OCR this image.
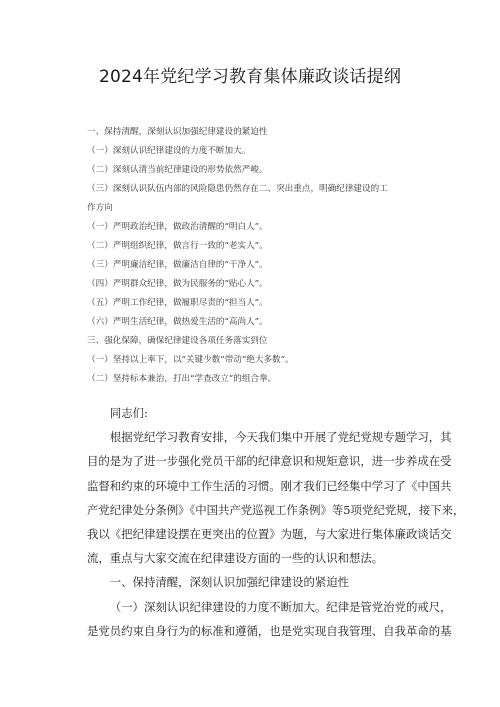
2024年党纪学习教育集体廉政谈话提纲
一、保持清醒，深刻认识加强纪律建设的紧迫性
（一）深刻认识纪律建设的力度不断加大。
（二）深刻认清当前纪律建设的形势依然严峻。
（三）深刻认识队伍内部的风险隐患仍然存在二、突出重点，明确纪律建设的工
作方向
（一）严明政治纪律，做政治清醒的“明白人”。
（二）严明组织纪律，做言行一致的“老实人”。
（三）严明廉洁纪律，做廉洁自律的“干净人”。
（四）严明群众纪律，做为民服务的“贴心人”。
（五）严明工作纪律，做履职尽责的“担当人”。
（六）严明生活纪律，做热爱生活的“高尚人”。
三、强化保障，确保纪律建设各项任务落实到位
（一）坚持以上率下，以“关键少数”带动“绝大多数”。
（二）坚持标本兼治，打出“学查改立”的组合拳。
同志们:
根据党纪学习教育安排，今天我们集中开展了党纪党规专题学习，其
目的是为了进一步强化党员干部的纪律意识和规矩意识，进一步养成在受
监督和约束的环境中工作生活的习惯。刚才我们已经集中学习了《中国共
产党纪律处分条例》《中国共产党巡视工作条例》等5项党纪党规，接下来，
我以《把纪律建设摆在更突出的位置》为题，与大家进行集体廉政谈话交
流，重点与大家交流在纪律建设方面的一些的认识和想法。
一、保持清醒，深刻认识加强纪律建设的紧迫性
（一）深刻认识纪律建设的力度不断加大。纪律是管党治党的戒尺，
是党员约束自身行为的标准和遵循，也是党实现自我管理、自我革命的基
